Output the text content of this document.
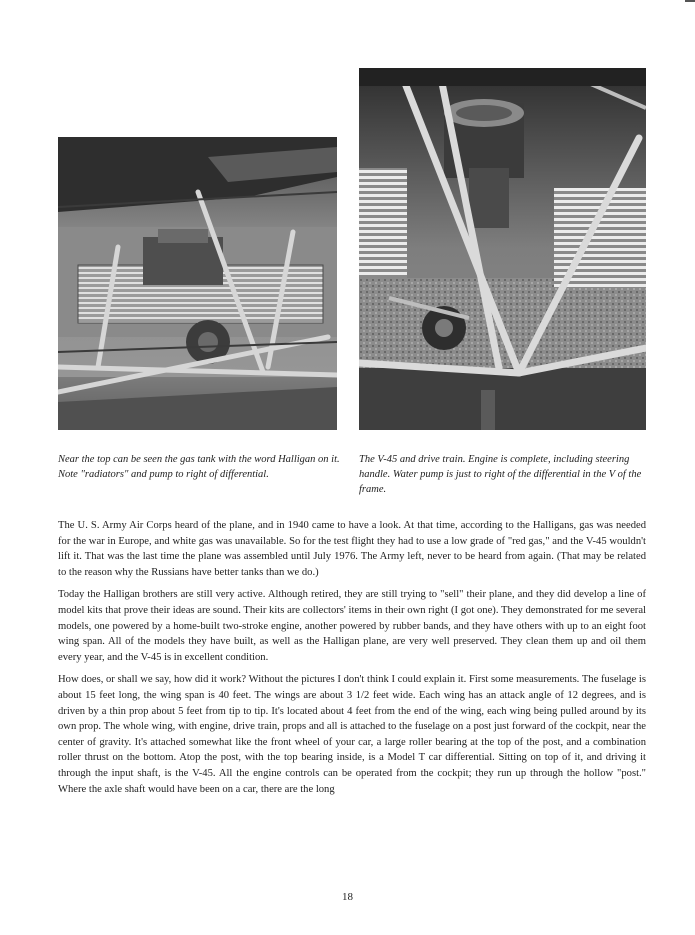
Near the top can be seen the gas tank with the word Halligan on it. Note "radiators" and pump to right of differential.
The V-45 and drive train. Engine is complete, including steering handle. Water pump is just to right of the differential in the V of the frame.

The U. S. Army Air Corps heard of the plane, and in 1940 came to have a look. At that time, according to the Halligans, gas was needed for the war in Europe, and white gas was unavailable. So for the test flight they had to use a low grade of "red gas," and the V-45 wouldn't lift it. That was the last time the plane was assembled until July 1976. The Army left, never to be heard from again. (That may be related to the reason why the Russians have better tanks than we do.)

Today the Halligan brothers are still very active. Although retired, they are still trying to "sell" their plane, and they did develop a line of model kits that prove their ideas are sound. Their kits are collectors' items in their own right (I got one). They demonstrated for me several models, one powered by a home-built two-stroke engine, another powered by rubber bands, and they have others with up to an eight foot wing span. All of the models they have built, as well as the Halligan plane, are very well preserved. They clean them up and oil them every year, and the V-45 is in excellent condition.

How does, or shall we say, how did it work? Without the pictures I don't think I could explain it. First some measurements. The fuselage is about 15 feet long, the wing span is 40 feet. The wings are about 3 1/2 feet wide. Each wing has an attack angle of 12 degrees, and is driven by a thin prop about 5 feet from tip to tip. It's located about 4 feet from the end of the wing, each wing being pulled around by its own prop. The whole wing, with engine, drive train, props and all is attached to the fuselage on a post just forward of the cockpit, near the center of gravity. It's attached somewhat like the front wheel of your car, a large roller bearing at the top of the post, and a combination roller thrust on the bottom. Atop the post, with the top bearing inside, is a Model T car differential. Sitting on top of it, and driving it through the input shaft, is the V-45. All the engine controls can be operated from the cockpit; they run up through the hollow "post." Where the axle shaft would have been on a car, there are the long

18
